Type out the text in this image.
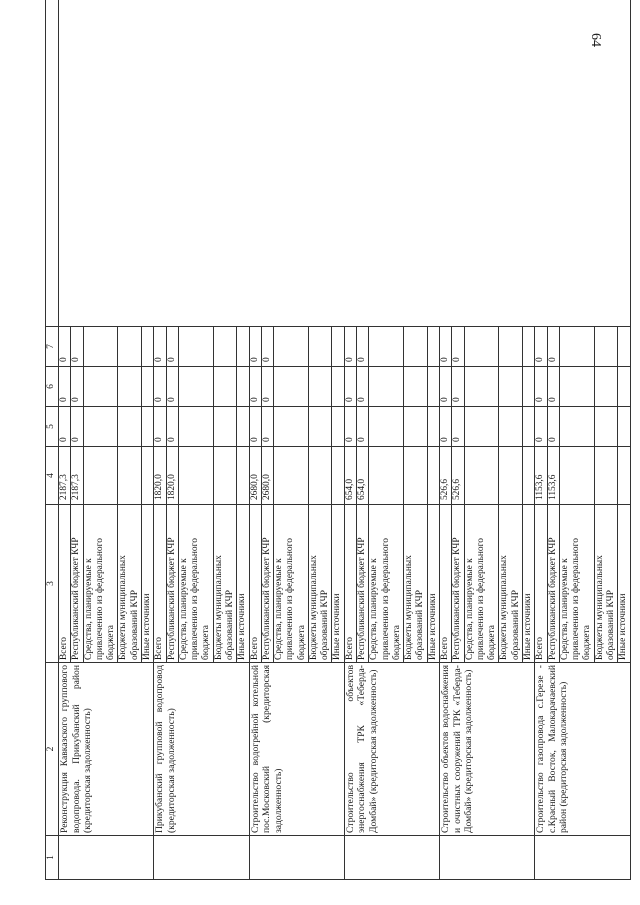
64
1	2	3	4	5	6	7	
	Реконструкция Кавказского группового водопровода. Прикубанский район (кредиторская задолженность)	Всего	2187,3	0	0	0	
		Республиканский бюджет КЧР	2187,3	0	0	0	
		Средства, планируемые к привлечению из федерального бюджета					
		Бюджеты муниципальных образований КЧР					
		Иные источники					
	Прикубанский групповой водопровод (кредиторская задолженность)	Всего	1820,0	0	0	0	
		Республиканский бюджет КЧР	1820,0	0	0	0	
		Средства, планируемые к привлечению из федерального бюджета					
		Бюджеты муниципальных образований КЧР					
		Иные источники					
	Строительство водогрейной котельной пос.Московский (кредиторская задолженность)	Всего	2680,0	0	0	0	
		Республиканский бюджет КЧР	2680,0	0	0	0	
		Средства, планируемые к привлечению из федерального бюджета					
		Бюджеты муниципальных образований КЧР					
		Иные источники					
	Строительство объектов энергоснабжения ТРК «Теберда-Домбай» (кредиторская задолженность)	Всего	654,0	0	0	0	
		Республиканский бюджет КЧР	654,0	0	0	0	
		Средства, планируемые к привлечению из федерального бюджета					
		Бюджеты муниципальных образований КЧР					
		Иные источники					
	Строительство объектов водоснабжения и очистных сооружений ТРК «Теберда-Домбай» (кредиторская задолженность)	Всего	526,6	0	0	0	
		Республиканский бюджет КЧР	526,6	0	0	0	
		Средства, планируемые к привлечению из федерального бюджета					
		Бюджеты муниципальных образований КЧР					
		Иные источники					
	Строительство газопровода с.Герезе - с.Красный Восток, Малокарачаевский район (кредиторская задолженность)	Всего	1153,6	0	0	0	
		Республиканский бюджет КЧР	1153,6	0	0	0	
		Средства, планируемые к привлечению из федерального бюджета					
		Бюджеты муниципальных образований КЧР					
		Иные источники					
